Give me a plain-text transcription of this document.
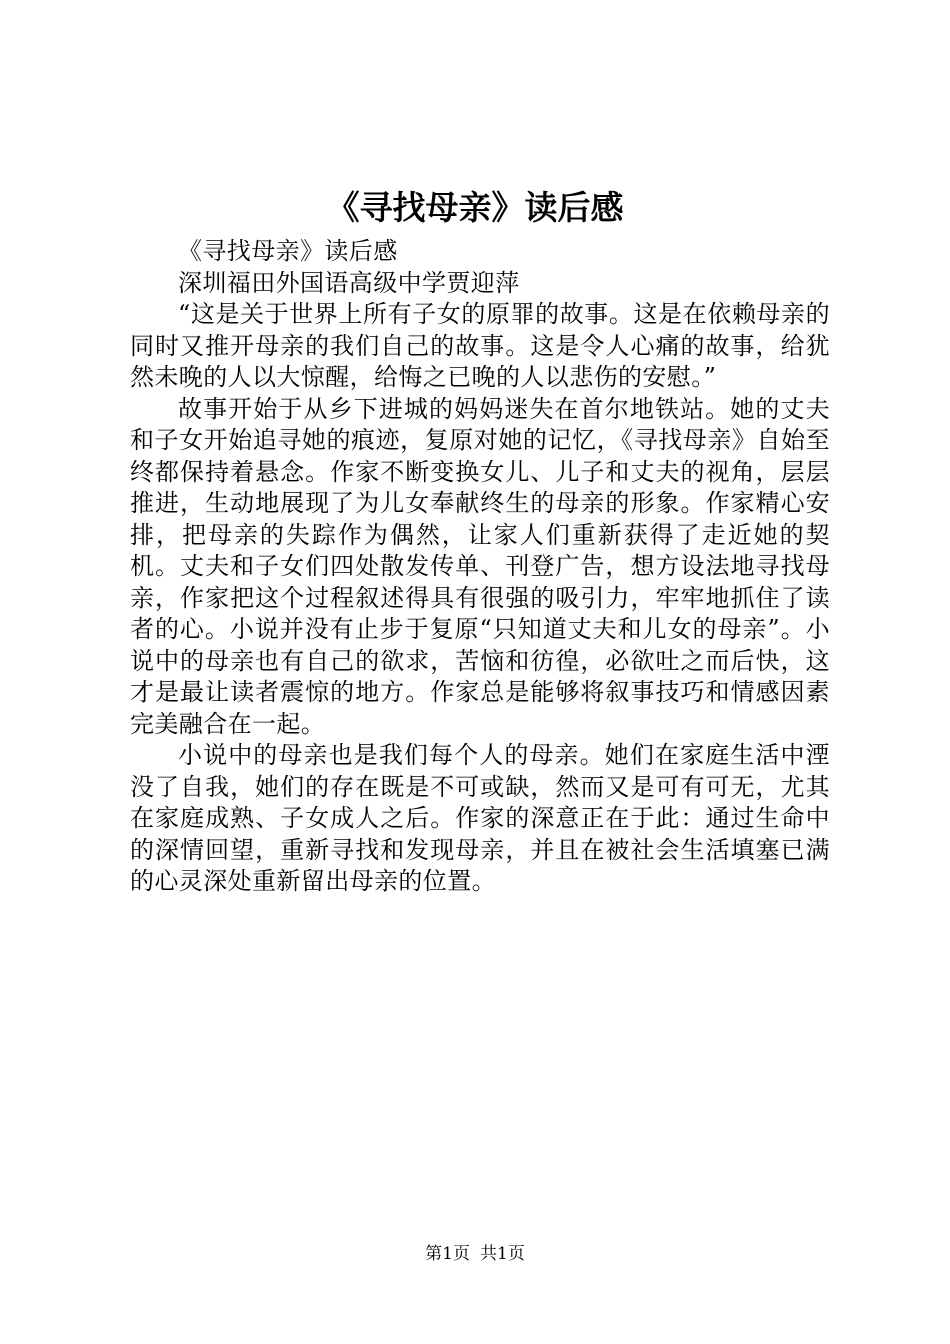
《寻找母亲》读后感

《寻找母亲》读后感

深圳福田外国语高级中学贾迎萍

“这是关于世界上所有子女的原罪的故事。这是在依赖母亲的同时又推开母亲的我们自己的故事。这是令人心痛的故事，给犹然未晚的人以大惊醒，给悔之已晚的人以悲伤的安慰。”

故事开始于从乡下进城的妈妈迷失在首尔地铁站。她的丈夫和子女开始追寻她的痕迹，复原对她的记忆，《寻找母亲》自始至终都保持着悬念。作家不断变换女儿、儿子和丈夫的视角，层层推进，生动地展现了为儿女奉献终生的母亲的形象。作家精心安排，把母亲的失踪作为偶然，让家人们重新获得了走近她的契机。丈夫和子女们四处散发传单、刊登广告，想方设法地寻找母亲，作家把这个过程叙述得具有很强的吸引力，牢牢地抓住了读者的心。小说并没有止步于复原“只知道丈夫和儿女的母亲”。小说中的母亲也有自己的欲求，苦恼和彷徨，必欲吐之而后快，这才是最让读者震惊的地方。作家总是能够将叙事技巧和情感因素完美融合在一起。

小说中的母亲也是我们每个人的母亲。她们在家庭生活中湮没了自我，她们的存在既是不可或缺，然而又是可有可无，尤其在家庭成熟、子女成人之后。作家的深意正在于此：通过生命中的深情回望，重新寻找和发现母亲，并且在被社会生活填塞已满的心灵深处重新留出母亲的位置。

第1页 共1页
